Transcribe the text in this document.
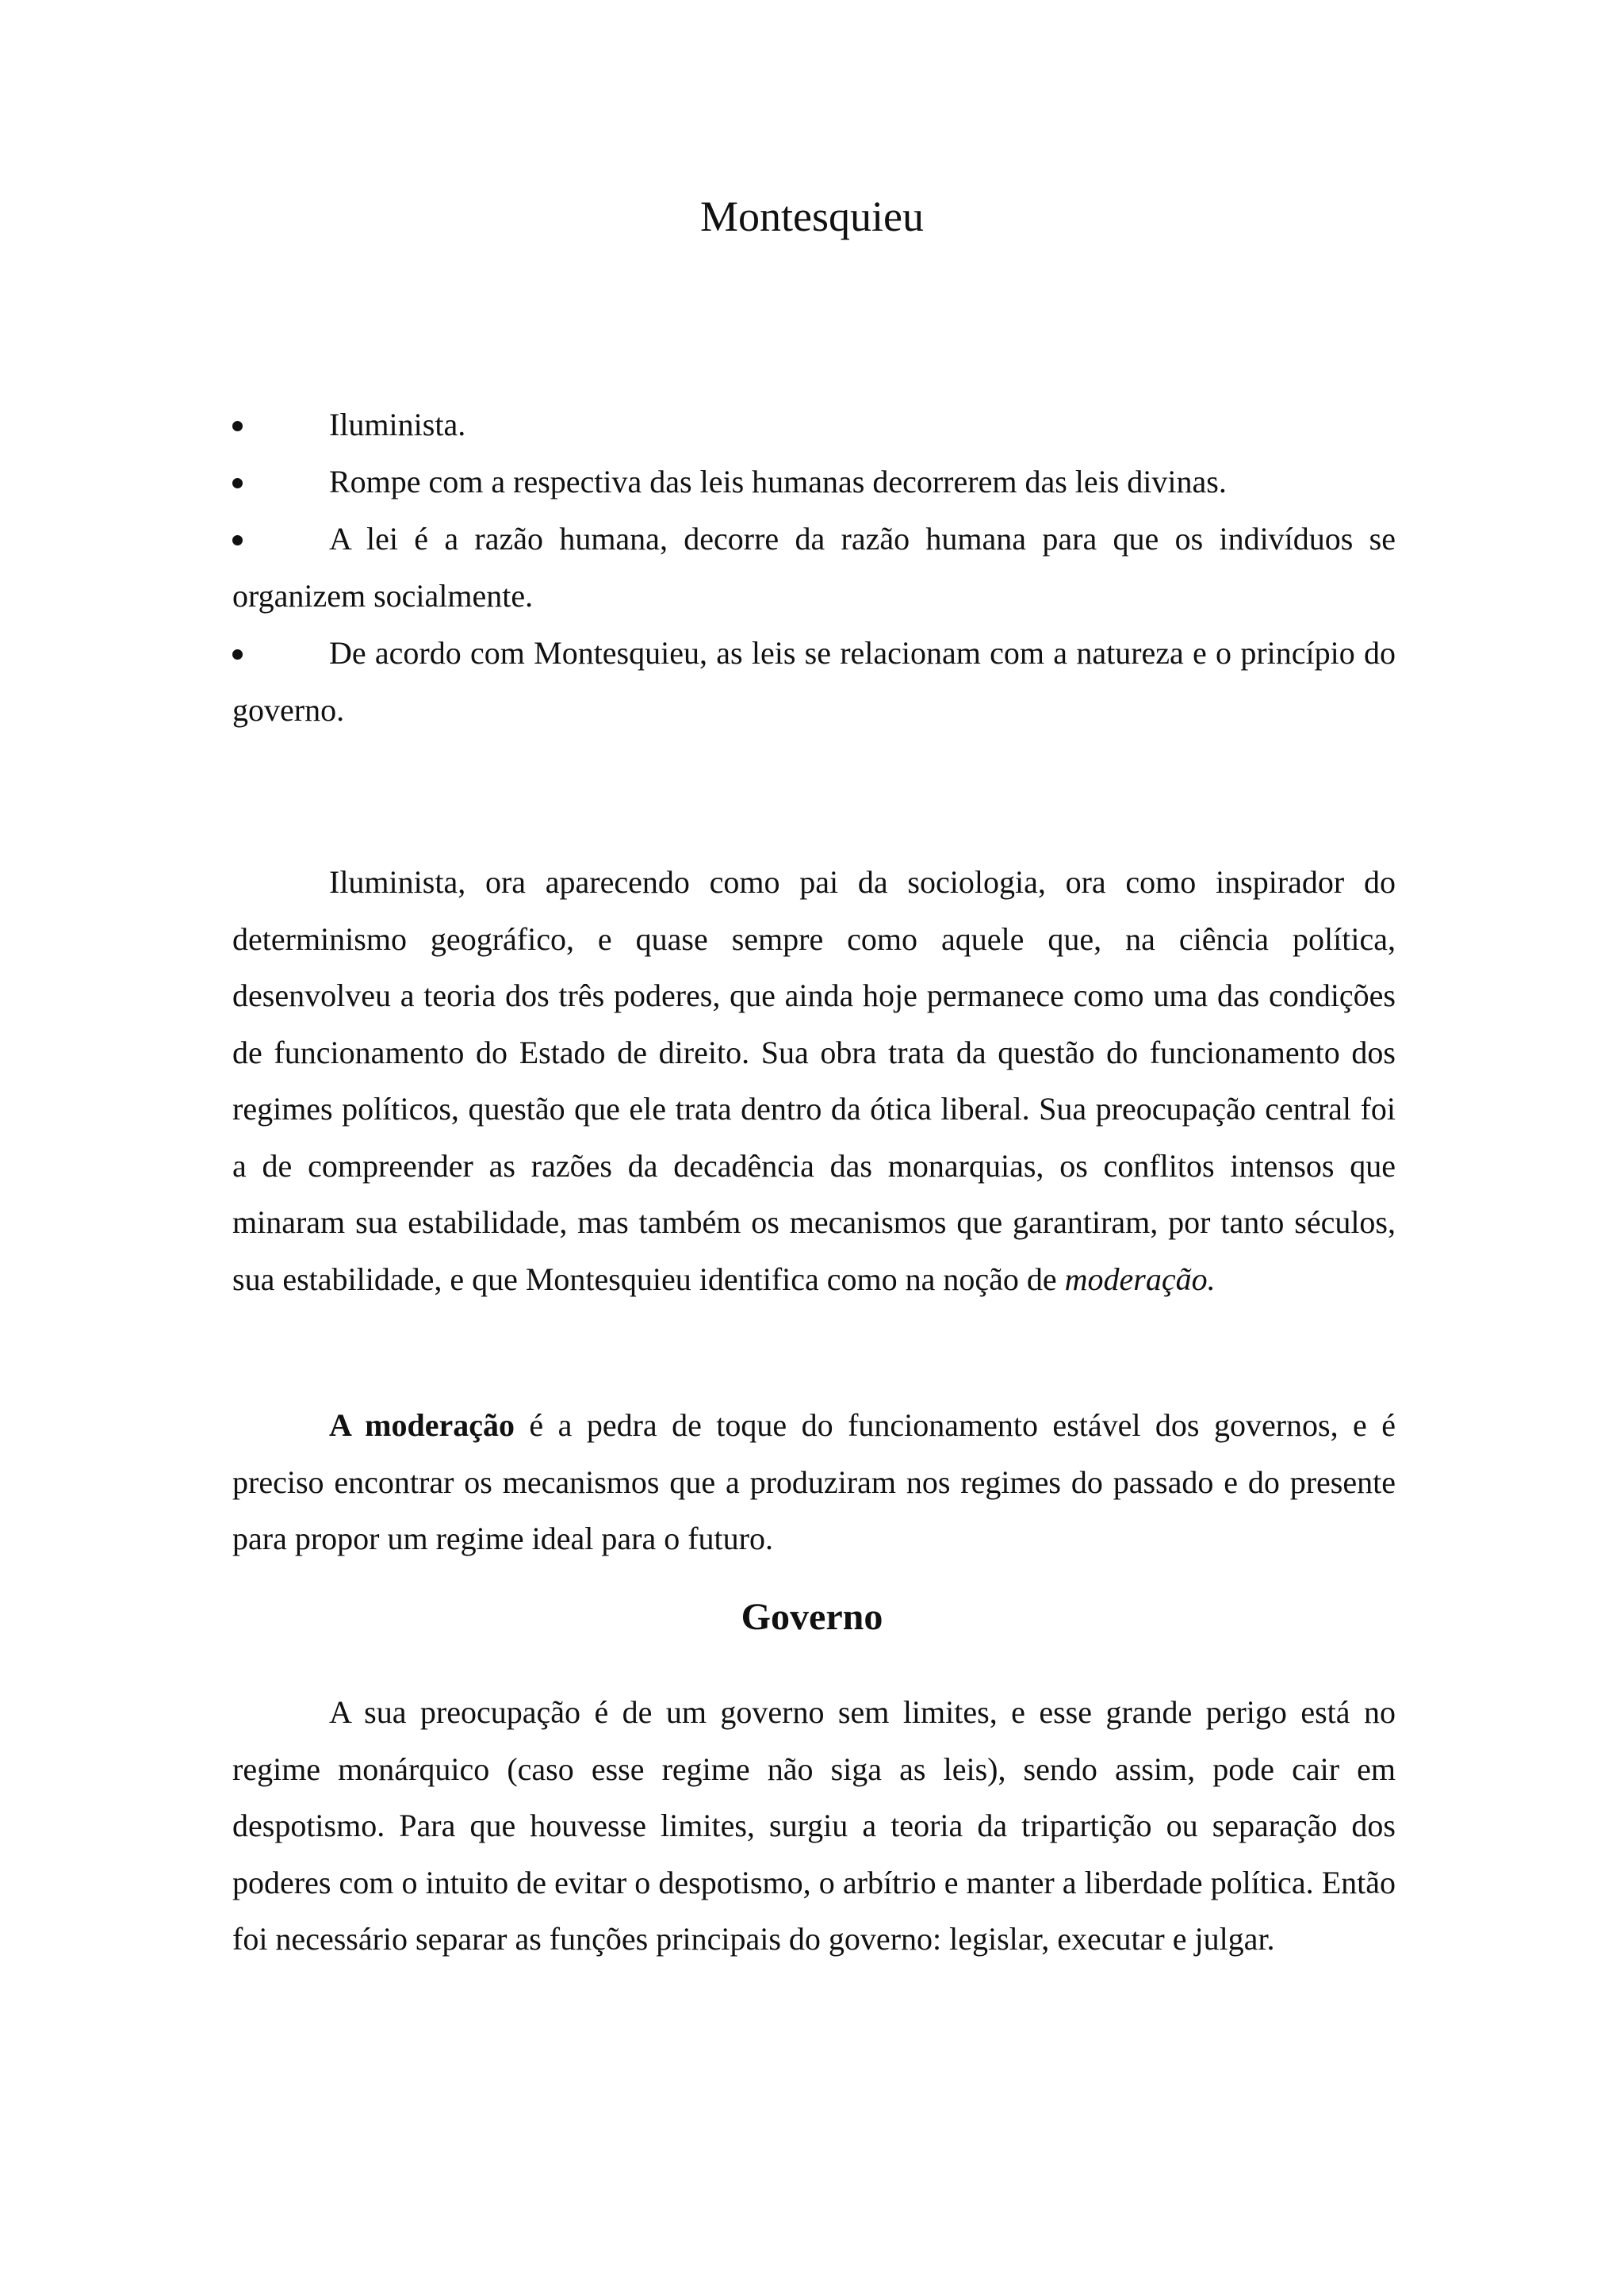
Montesquieu
Iluminista.
Rompe com a respectiva das leis humanas decorrerem das leis divinas.
A lei é a razão humana, decorre da razão humana para que os indivíduos se organizem socialmente.
De acordo com Montesquieu, as leis se relacionam com a natureza e o princípio do governo.

Iluminista, ora aparecendo como pai da sociologia, ora como inspirador do determinismo geográfico, e quase sempre como aquele que, na ciência política, desenvolveu a teoria dos três poderes, que ainda hoje permanece como uma das condições de funcionamento do Estado de direito. Sua obra trata da questão do funcionamento dos regimes políticos, questão que ele trata dentro da ótica liberal. Sua preocupação central foi a de compreender as razões da decadência das monarquias, os conflitos intensos que minaram sua estabilidade, mas também os mecanismos que garantiram, por tanto séculos, sua estabilidade, e que Montesquieu identifica como na noção de moderação.

A moderação é a pedra de toque do funcionamento estável dos governos, e é preciso encontrar os mecanismos que a produziram nos regimes do passado e do presente para propor um regime ideal para o futuro.

Governo

A sua preocupação é de um governo sem limites, e esse grande perigo está no regime monárquico (caso esse regime não siga as leis), sendo assim, pode cair em despotismo. Para que houvesse limites, surgiu a teoria da tripartição ou separação dos poderes com o intuito de evitar o despotismo, o arbítrio e manter a liberdade política. Então foi necessário separar as funções principais do governo: legislar, executar e julgar.
